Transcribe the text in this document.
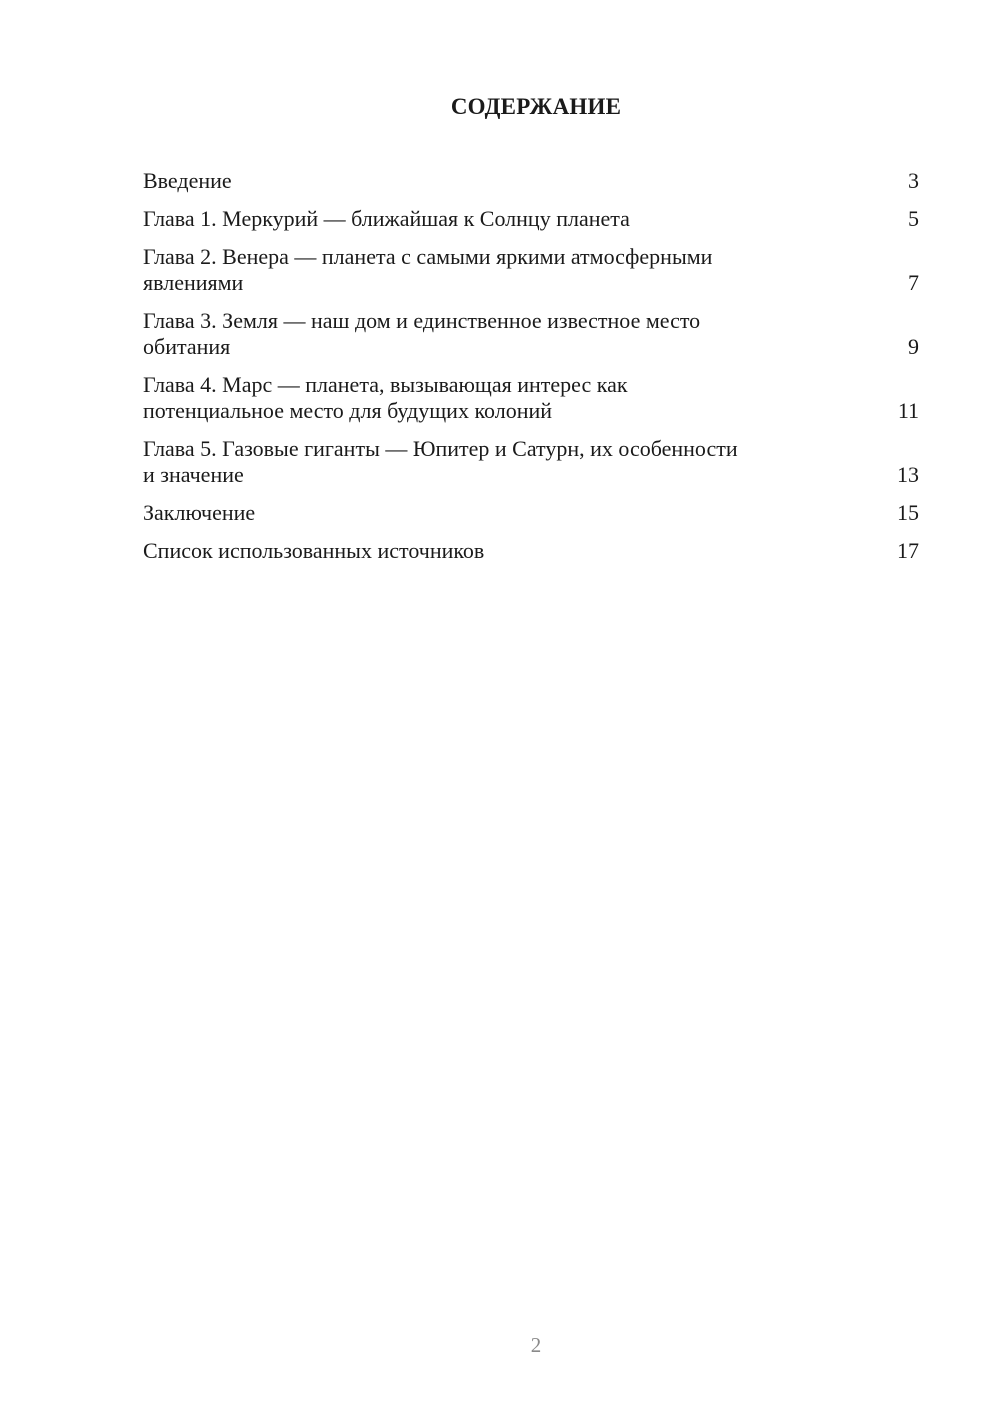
СОДЕРЖАНИЕ
Введение	3
Глава 1. Меркурий — ближайшая к Солнцу планета	5
Глава 2. Венера — планета с самыми яркими атмосферными
явлениями	7
Глава 3. Земля — наш дом и единственное известное место
обитания	9
Глава 4. Марс — планета, вызывающая интерес как
потенциальное место для будущих колоний	11
Глава 5. Газовые гиганты — Юпитер и Сатурн, их особенности
и значение	13
Заключение	15
Список использованных источников	17
2
